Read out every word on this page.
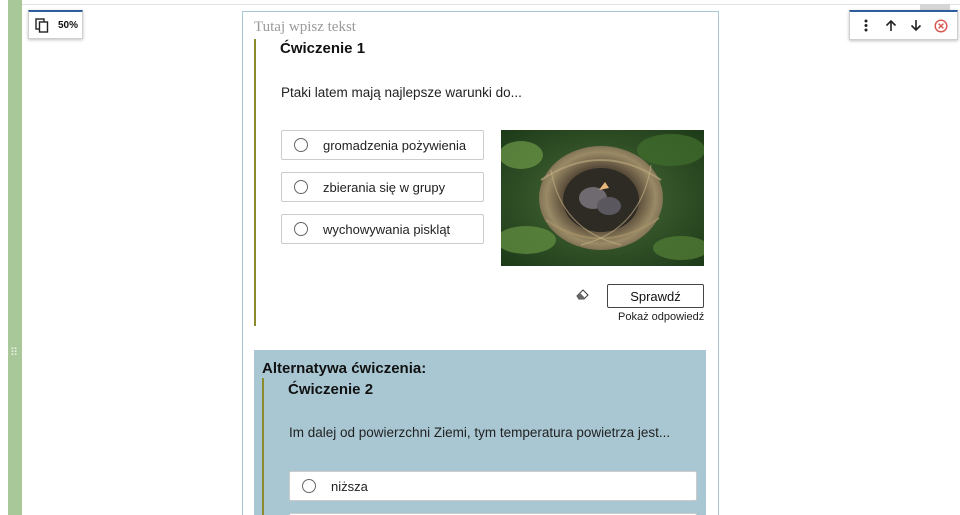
⠿
50%	Tutaj wpisz tekst
Ćwiczenie 1
Ptaki latem mają najlepsze warunki do...
gromadzenia pożywienia
zbierania się w grupy
wychowywania piskląt
Sprawdź
Pokaż odpowiedź
Alternatywa ćwiczenia:
Ćwiczenie 2
Im dalej od powierzchni Ziemi, tym temperatura powietrza jest...
niższa
